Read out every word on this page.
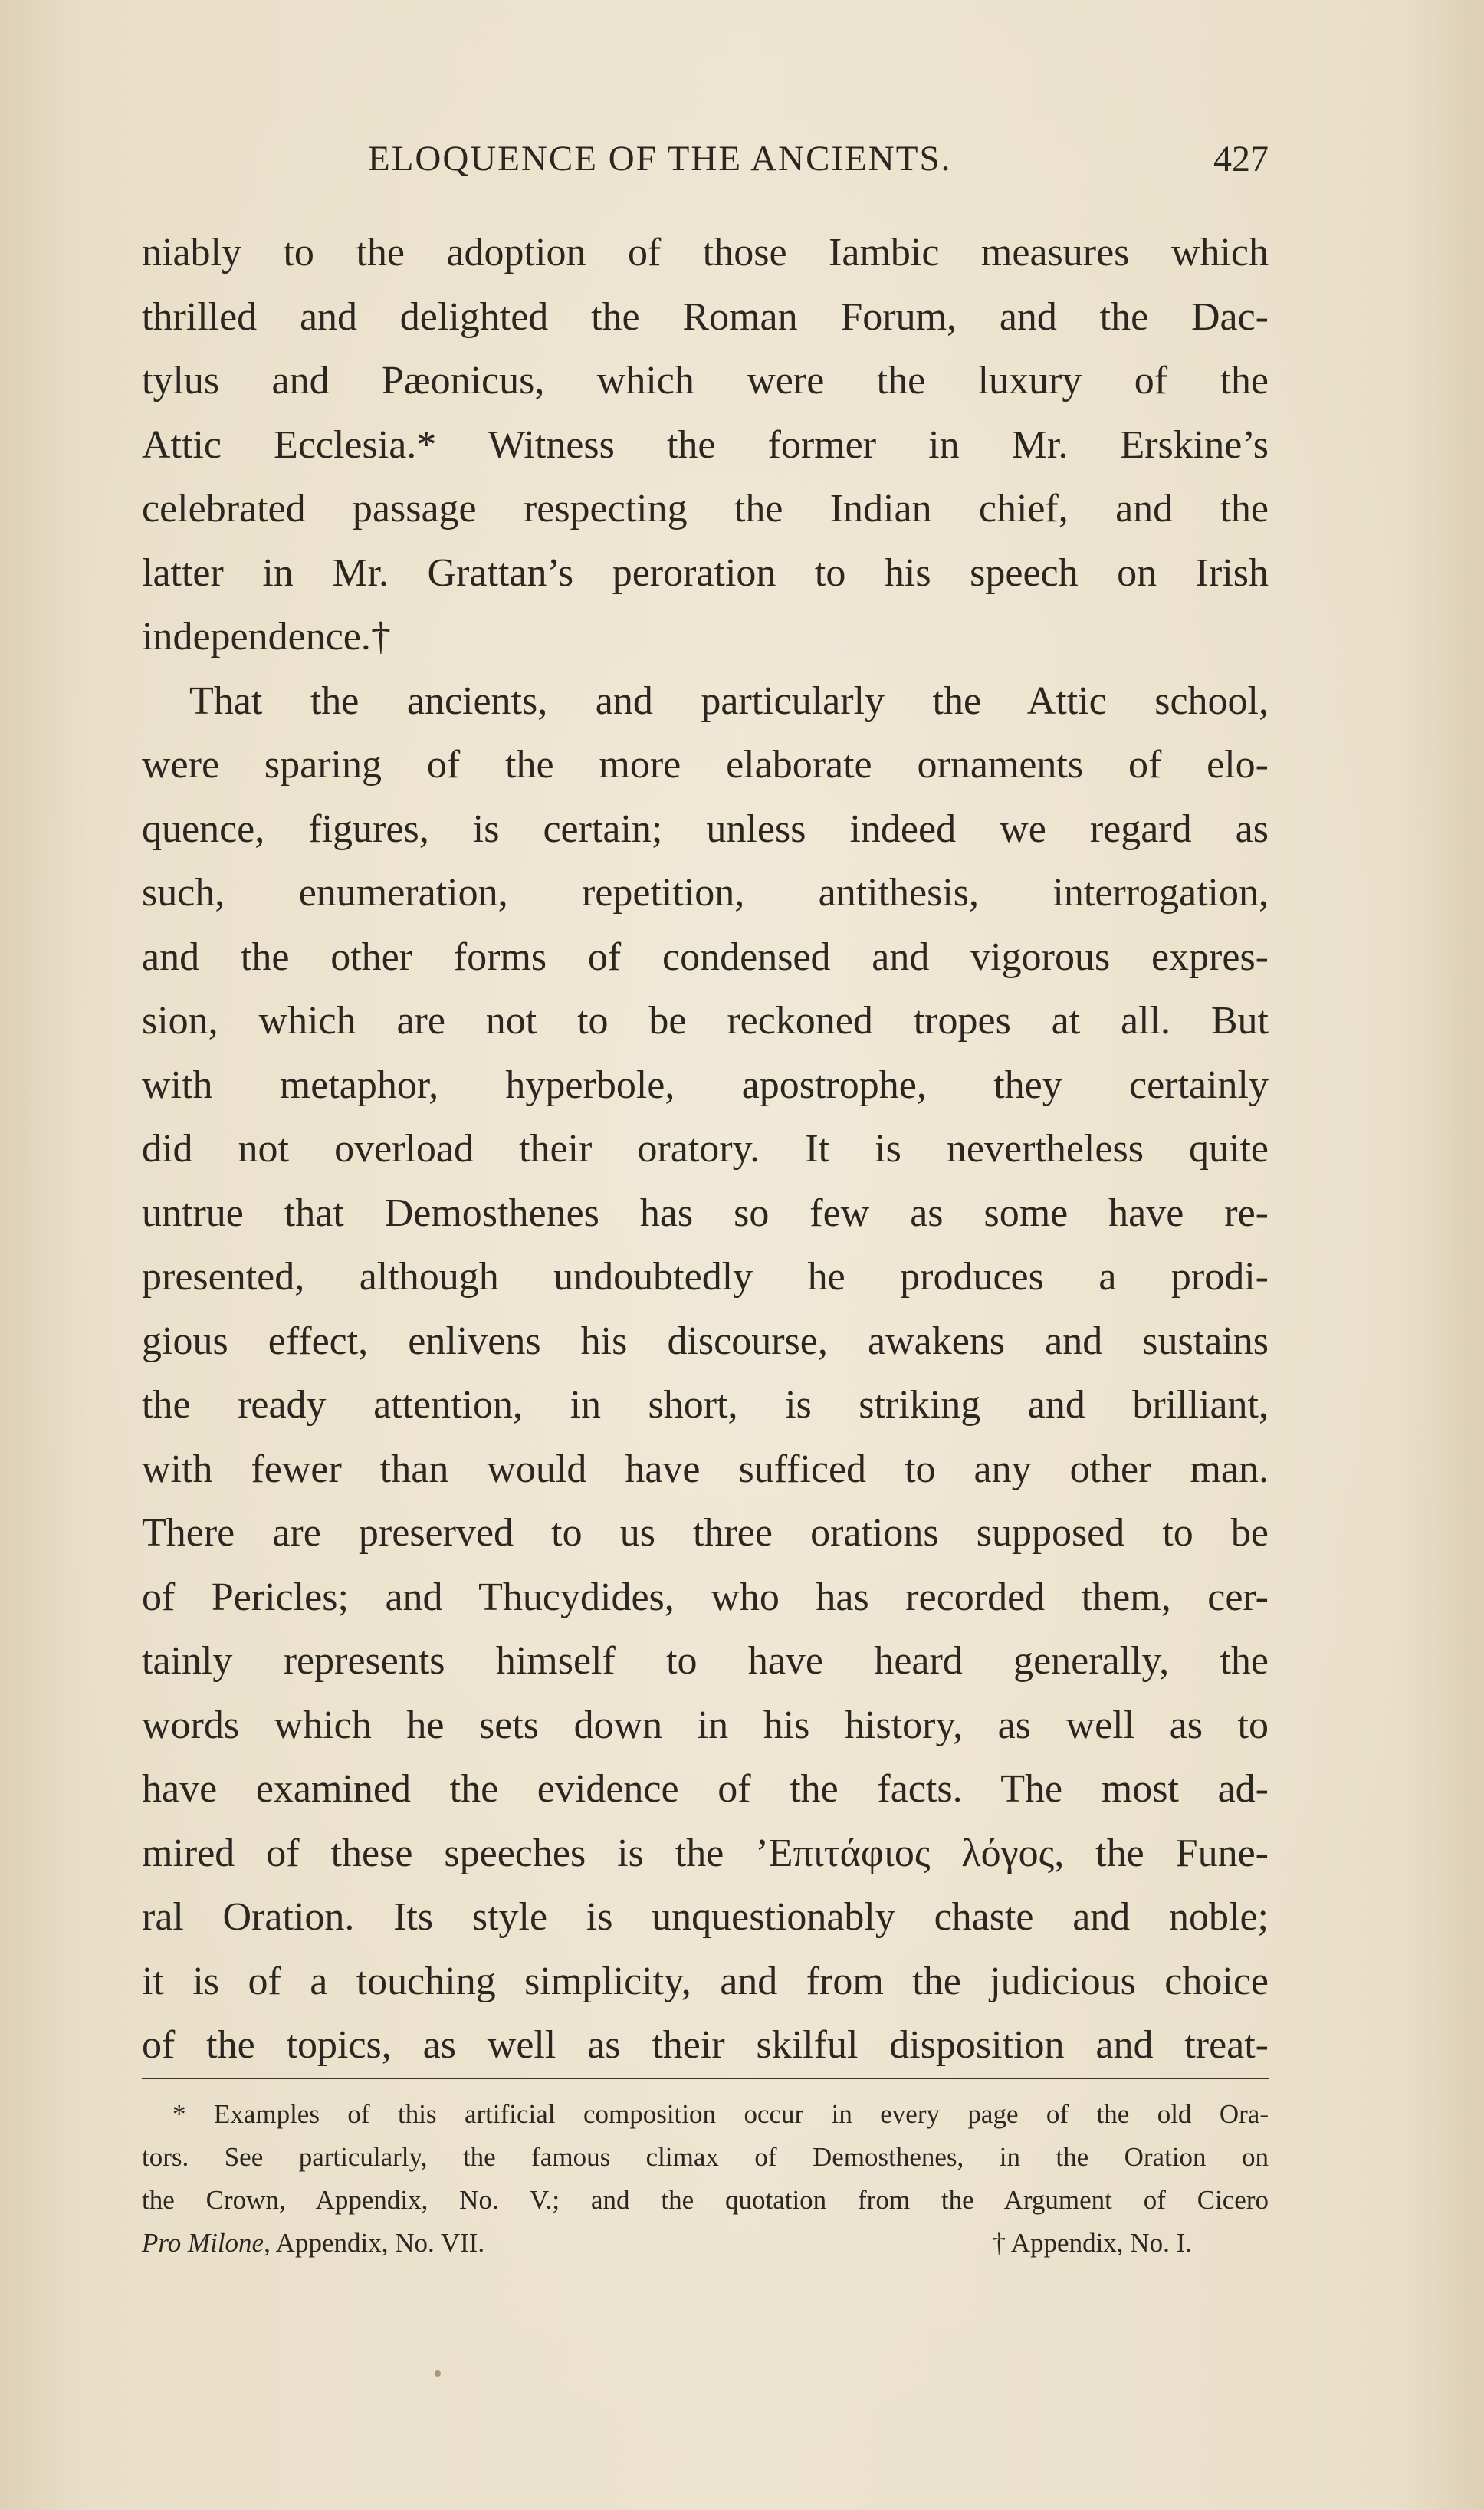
ELOQUENCE OF THE ANCIENTS.	427
niably to the adoption of those Iambic measures which
thrilled and delighted the Roman Forum, and the Dac-
tylus and Pæonicus, which were the luxury of the
Attic Ecclesia.* Witness the former in Mr. Erskine’s
celebrated passage respecting the Indian chief, and the
latter in Mr. Grattan’s peroration to his speech on Irish
independence.†
That the ancients, and particularly the Attic school,
were sparing of the more elaborate ornaments of elo-
quence, figures, is certain; unless indeed we regard as
such, enumeration, repetition, antithesis, interrogation,
and the other forms of condensed and vigorous expres-
sion, which are not to be reckoned tropes at all. But
with metaphor, hyperbole, apostrophe, they certainly
did not overload their oratory. It is nevertheless quite
untrue that Demosthenes has so few as some have re-
presented, although undoubtedly he produces a prodi-
gious effect, enlivens his discourse, awakens and sustains
the ready attention, in short, is striking and brilliant,
with fewer than would have sufficed to any other man.
There are preserved to us three orations supposed to be
of Pericles; and Thucydides, who has recorded them, cer-
tainly represents himself to have heard generally, the
words which he sets down in his history, as well as to
have examined the evidence of the facts. The most ad-
mired of these speeches is the ’Επιτάφιος λόγος, the Fune-
ral Oration. Its style is unquestionably chaste and noble;
it is of a touching simplicity, and from the judicious choice
of the topics, as well as their skilful disposition and treat-
* Examples of this artificial composition occur in every page of the old Ora-
tors. See particularly, the famous climax of Demosthenes, in the Oration on
the Crown, Appendix, No. V.; and the quotation from the Argument of Cicero
Pro Milone, Appendix, No. VII.	† Appendix, No. I.
